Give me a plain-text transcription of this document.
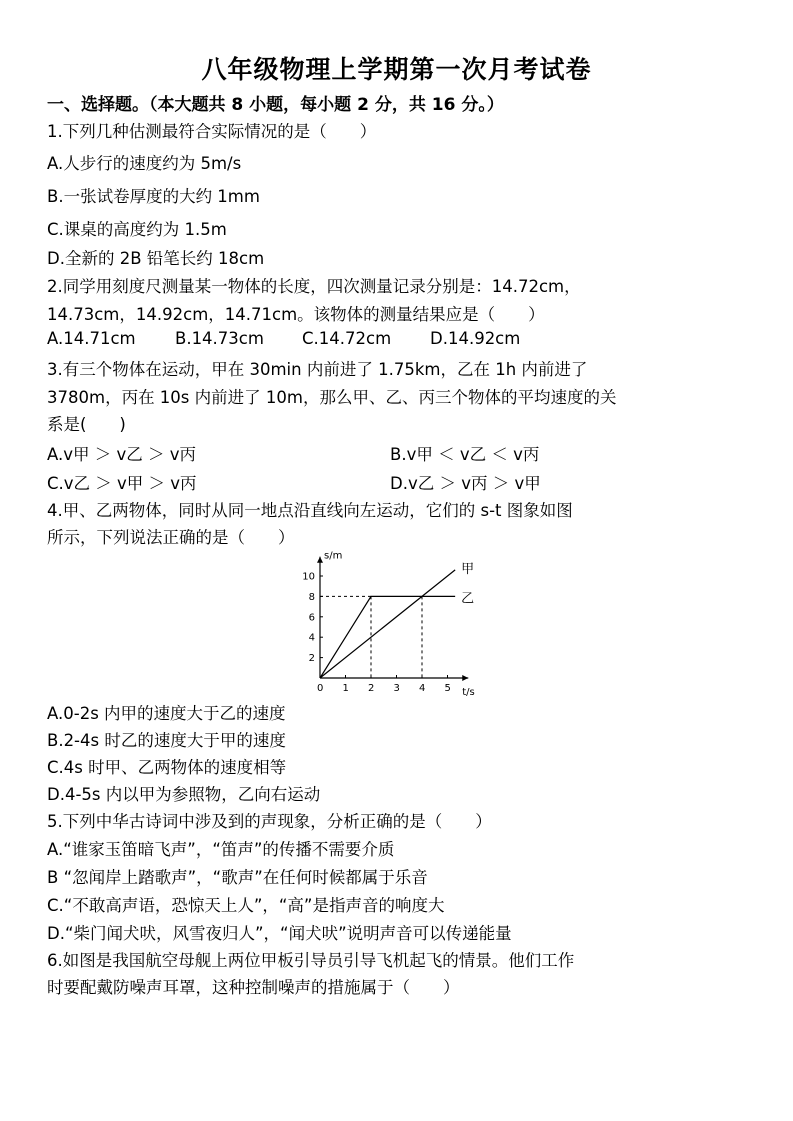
八年级物理上学期第一次月考试卷
一、选择题。（本大题共 8 小题，每小题 2 分，共 16 分。）
1.下列几种估测最符合实际情况的是（　　）
A.人步行的速度约为 5m/s
B.一张试卷厚度的大约 1mm
C.课桌的高度约为 1.5m
D.全新的 2B 铅笔长约 18cm
2.同学用刻度尺测量某一物体的长度，四次测量记录分别是：14.72cm，
14.73cm，14.92cm，14.71cm。该物体的测量结果应是（　　）
A.14.71cm B.14.73cm C.14.72cm D.14.92cm
3.有三个物体在运动，甲在 30min 内前进了 1.75km，乙在 1h 内前进了
3780m，丙在 10s 内前进了 10m，那么甲、乙、丙三个物体的平均速度的关
系是(　　)
A.v甲 ＞ v乙 ＞ v丙	B.v甲 ＜ v乙 ＜ v丙
C.v乙 ＞ v甲 ＞ v丙	D.v乙 ＞ v丙 ＞ v甲
4.甲、乙两物体，同时从同一地点沿直线向左运动，它们的 s-t 图象如图
所示，下列说法正确的是（　　）
t/s
s/m
0 1 2 3 4 5
2
4
6
8
10
甲
乙
A.0-2s 内甲的速度大于乙的速度
B.2-4s 时乙的速度大于甲的速度
C.4s 时甲、乙两物体的速度相等
D.4-5s 内以甲为参照物，乙向右运动
5.下列中华古诗词中涉及到的声现象，分析正确的是（　　）
A.“谁家玉笛暗飞声”，“笛声”的传播不需要介质
B “忽闻岸上踏歌声”，“歌声”在任何时候都属于乐音
C.“不敢高声语，恐惊天上人”，“高”是指声音的响度大
D.“柴门闻犬吠，风雪夜归人”，“闻犬吠”说明声音可以传递能量
6.如图是我国航空母舰上两位甲板引导员引导飞机起飞的情景。他们工作
时要配戴防噪声耳罩，这种控制噪声的措施属于（　　）
